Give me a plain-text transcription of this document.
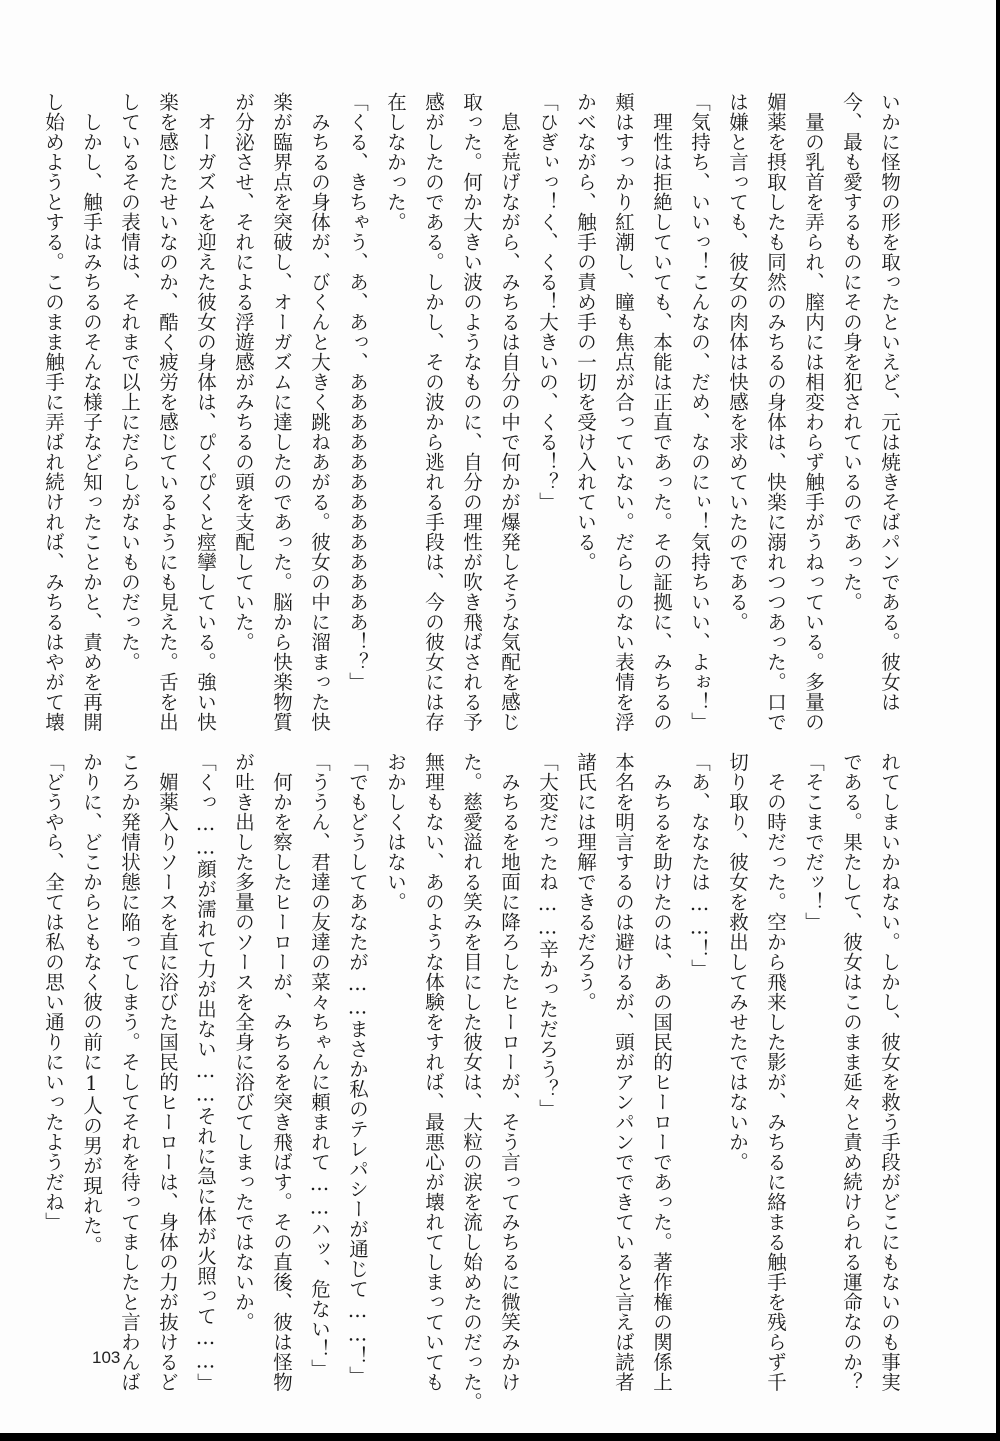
いかに怪物の形を取ったといえど、元は焼きそばパンである。彼女は
今、最も愛するものにその身を犯されているのであった。
　量の乳首を弄られ、膣内には相変わらず触手がうねっている。多量の
媚薬を摂取したも同然のみちるの身体は、快楽に溺れつつあった。口で
は嫌と言っても、彼女の肉体は快感を求めていたのである。
「気持ち、いいっ！こんなの、だめ、なのにぃ！気持ちいい、よぉ！」
　理性は拒絶していても、本能は正直であった。その証拠に、みちるの
頬はすっかり紅潮し、瞳も焦点が合っていない。だらしのない表情を浮
かべながら、触手の責め手の一切を受け入れている。
「ひぎぃっ！く、くる！大きいの、くる！？」
　息を荒げながら、みちるは自分の中で何かが爆発しそうな気配を感じ
取った。何か大きい波のようなものに、自分の理性が吹き飛ばされる予
感がしたのである。しかし、その波から逃れる手段は、今の彼女には存
在しなかった。
「くる、きちゃう、あ、あっ、あああああああああああああ！？」
　みちるの身体が、びくんと大きく跳ねあがる。彼女の中に溜まった快
楽が臨界点を突破し、オーガズムに達したのであった。脳から快楽物質
が分泌させ、それによる浮遊感がみちるの頭を支配していた。
　オーガズムを迎えた彼女の身体は、ぴくぴくと痙攣している。強い快
楽を感じたせいなのか、酷く疲労を感じているようにも見えた。舌を出
しているその表情は、それまで以上にだらしがないものだった。
　しかし、触手はみちるのそんな様子など知ったことかと、責めを再開
し始めようとする。このまま触手に弄ばれ続ければ、みちるはやがて壊
れてしまいかねない。しかし、彼女を救う手段がどこにもないのも事実
である。果たして、彼女はこのまま延々と責め続けられる運命なのか？
「そこまでだッ！」
　その時だった。空から飛来した影が、みちるに絡まる触手を残らず千
切り取り、彼女を救出してみせたではないか。
「あ、ななたは……！」
　みちるを助けたのは、あの国民的ヒーローであった。著作権の関係上
本名を明言するのは避けるが、頭がアンパンでできていると言えば読者
諸氏には理解できるだろう。
「大変だったね……辛かっただろう？」
　みちるを地面に降ろしたヒーローが、そう言ってみちるに微笑みかけ
た。慈愛溢れる笑みを目にした彼女は、大粒の涙を流し始めたのだった。
無理もない、あのような体験をすれば、最悪心が壊れてしまっていても
おかしくはない。
「でもどうしてあなたが……まさか私のテレパシーが通じて……！」
「ううん、君達の友達の菜々ちゃんに頼まれて……ハッ、危ない！」
　何かを察したヒーローが、みちるを突き飛ばす。その直後、彼は怪物
が吐き出した多量のソースを全身に浴びてしまったではないか。
「くっ……顔が濡れて力が出ない……それに急に体が火照って……」
　媚薬入りソースを直に浴びた国民的ヒーローは、身体の力が抜けるど
ころか発情状態に陥ってしまう。そしてそれを待ってましたと言わんば
かりに、どこからともなく彼の前に1人の男が現れた。
「どうやら、全ては私の思い通りにいったようだね」
103
